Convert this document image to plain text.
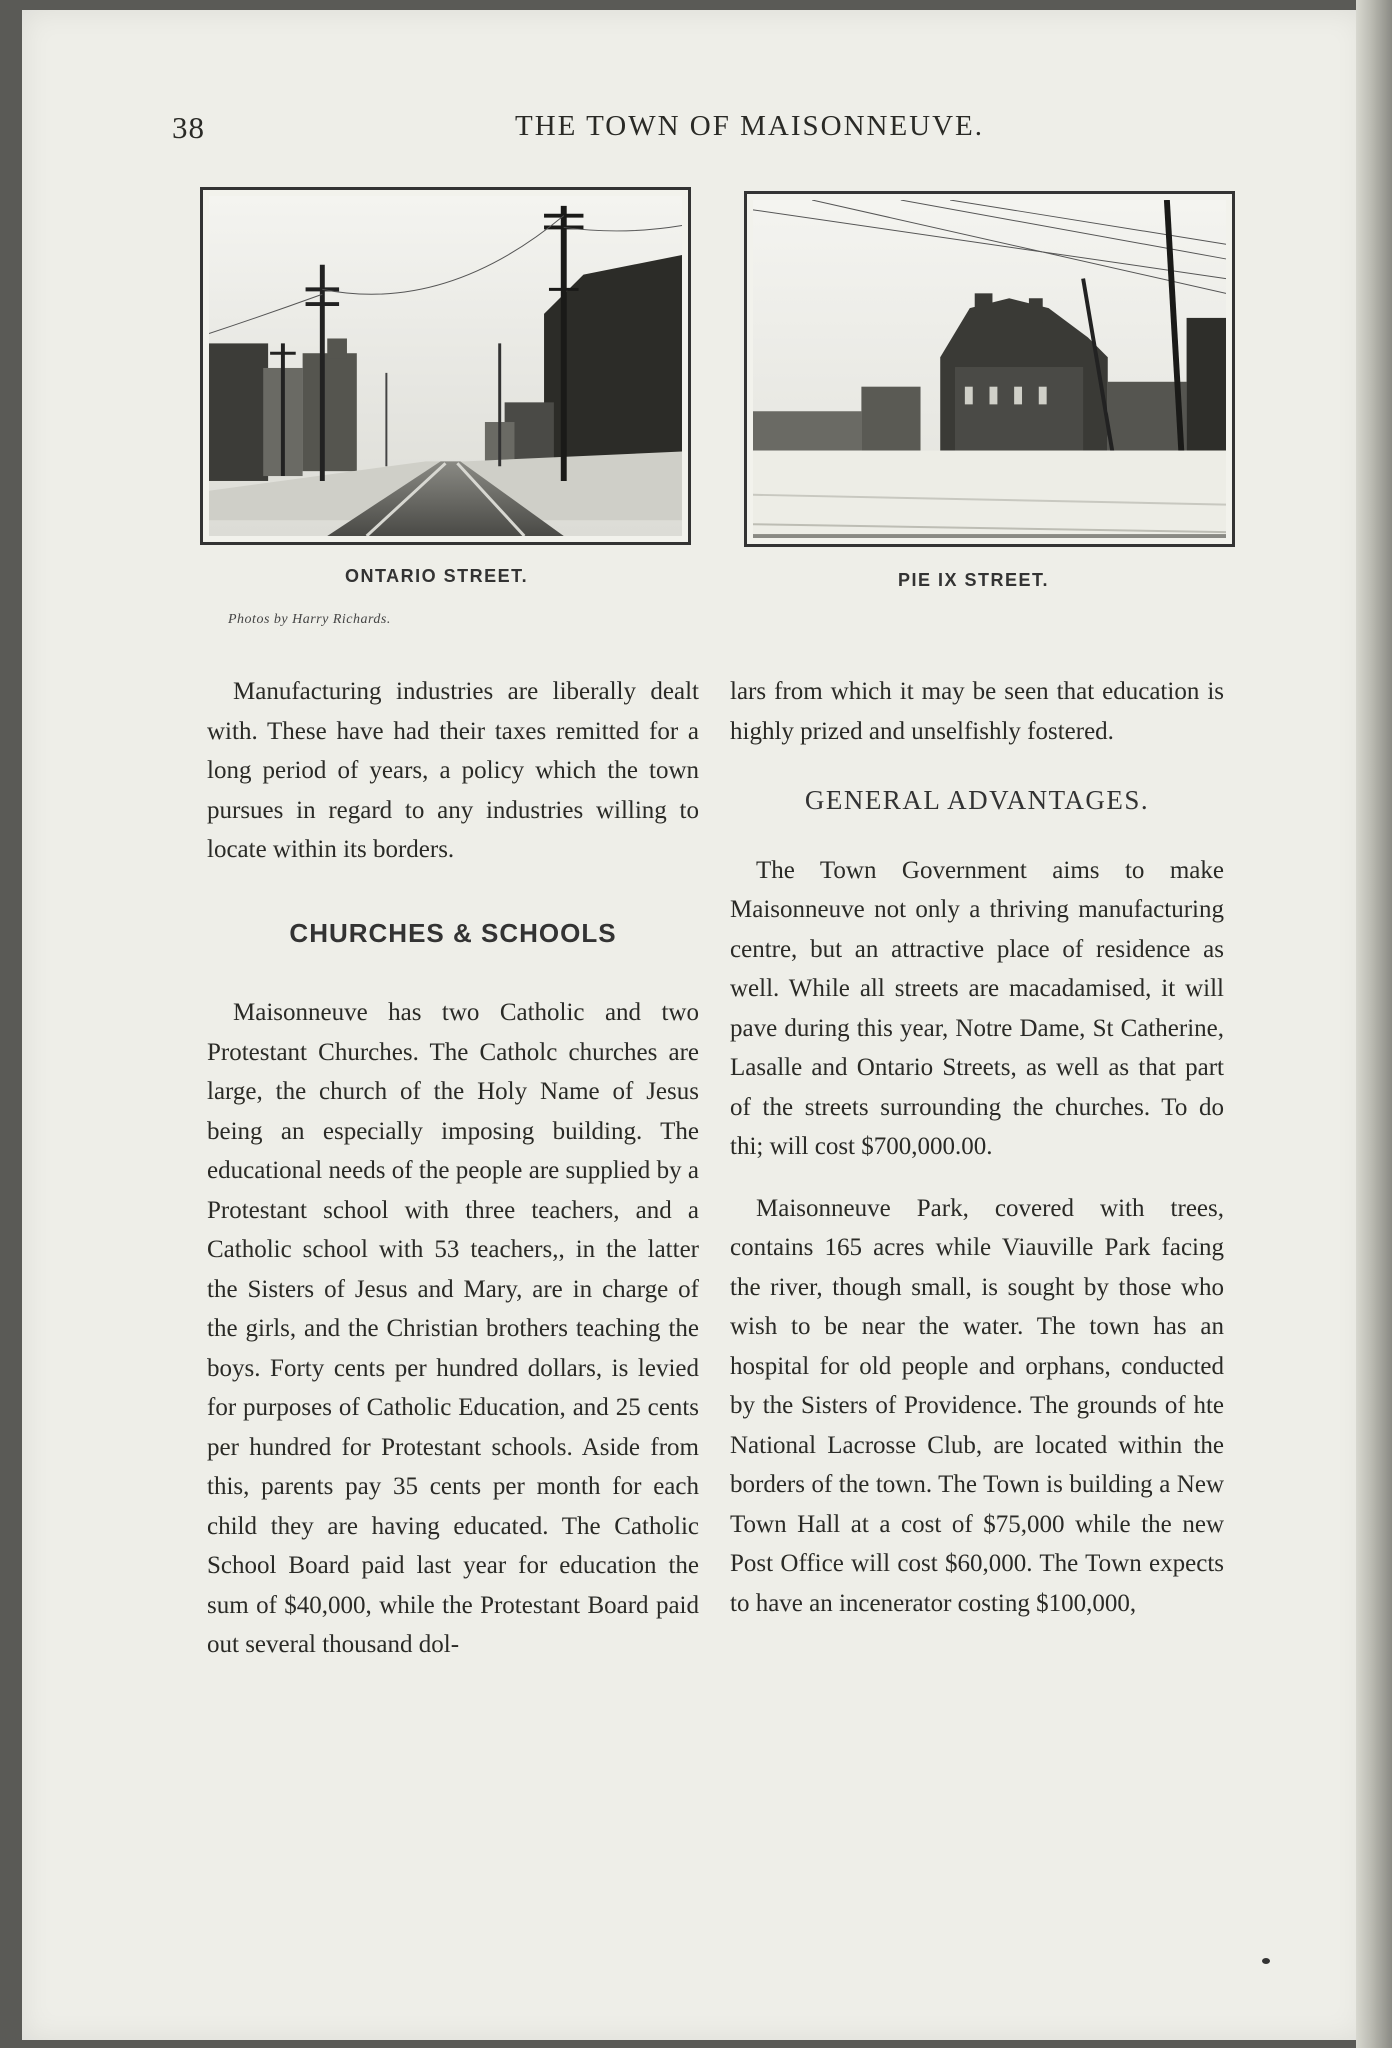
38	THE TOWN OF MAISONNEUVE.
ONTARIO STREET.
Photos by Harry Richards.
PIE IX STREET.

Manufacturing industries are liberally dealt with. These have had their taxes remitted for a long period of years, a policy which the town pursues in regard to any industries willing to locate within its borders.

CHURCHES & SCHOOLS

Maisonneuve has two Catholic and two Protestant Churches. The Catholc churches are large, the church of the Holy Name of Jesus being an especially imposing building. The educational needs of the people are supplied by a Protestant school with three teachers, and a Catholic school with 53 teachers,, in the latter the Sisters of Jesus and Mary, are in charge of the girls, and the Christian brothers teaching the boys. Forty cents per hundred dollars, is levied for purposes of Catholic Education, and 25 cents per hundred for Protestant schools. Aside from this, parents pay 35 cents per month for each child they are having educated. The Catholic School Board paid last year for education the sum of $40,000, while the Protestant Board paid out several thousand dol-

lars from which it may be seen that education is highly prized and unselfishly fostered.

GENERAL ADVANTAGES.

The Town Government aims to make Maisonneuve not only a thriving manufacturing centre, but an attractive place of residence as well. While all streets are macadamised, it will pave during this year, Notre Dame, St Catherine, Lasalle and Ontario Streets, as well as that part of the streets surrounding the churches. To do thi; will cost $700,000.00.

Maisonneuve Park, covered with trees, contains 165 acres while Viauville Park facing the river, though small, is sought by those who wish to be near the water. The town has an hospital for old people and orphans, conducted by the Sisters of Providence. The grounds of hte National Lacrosse Club, are located within the borders of the town. The Town is building a New Town Hall at a cost of $75,000 while the new Post Office will cost $60,000. The Town expects to have an incenerator costing $100,000,
